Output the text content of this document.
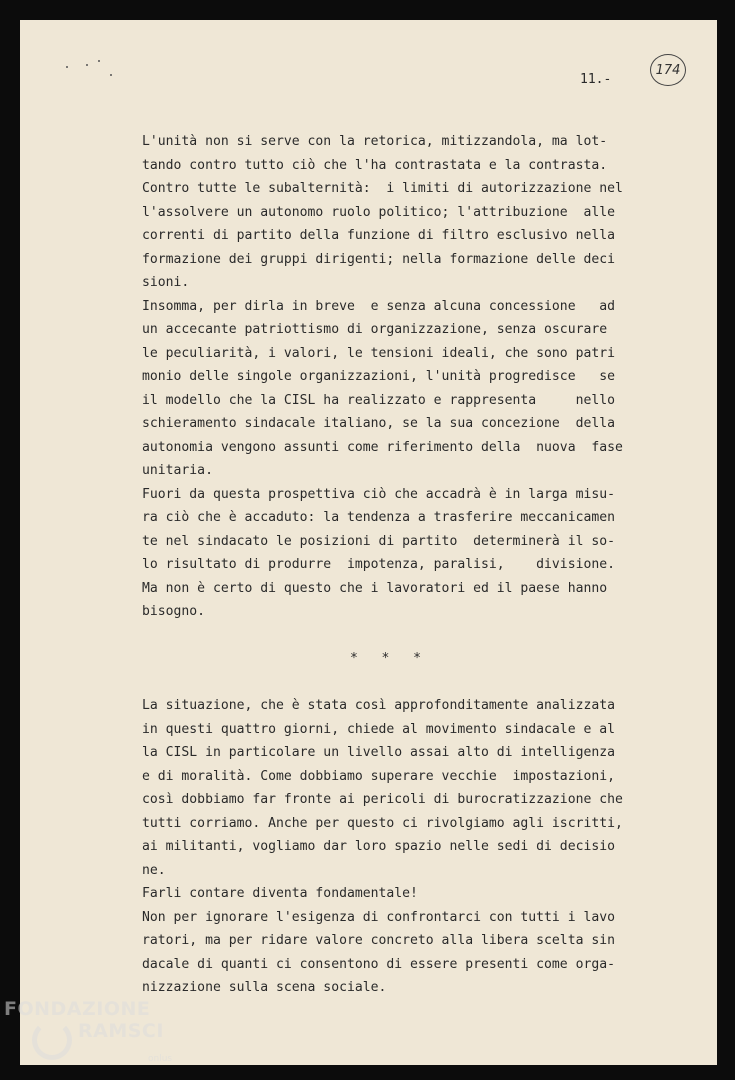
11.-
174
L'unità non si serve con la retorica, mitizzandola, ma lot-
tando contro tutto ciò che l'ha contrastata e la contrasta.
Contro tutte le subalternità:  i limiti di autorizzazione nel
l'assolvere un autonomo ruolo politico; l'attribuzione  alle
correnti di partito della funzione di filtro esclusivo nella
formazione dei gruppi dirigenti; nella formazione delle deci
sioni.
Insomma, per dirla in breve  e senza alcuna concessione   ad
un accecante patriottismo di organizzazione, senza oscurare
le peculiarità, i valori, le tensioni ideali, che sono patri
monio delle singole organizzazioni, l'unità progredisce   se
il modello che la CISL ha realizzato e rappresenta     nello
schieramento sindacale italiano, se la sua concezione  della
autonomia vengono assunti come riferimento della  nuova  fase
unitaria.
Fuori da questa prospettiva ciò che accadrà è in larga misu-
ra ciò che è accaduto: la tendenza a trasferire meccanicamen
te nel sindacato le posizioni di partito  determinerà il so-
lo risultato di produrre  impotenza, paralisi,    divisione.
Ma non è certo di questo che i lavoratori ed il paese hanno
bisogno.
*   *   *
La situazione, che è stata così approfonditamente analizzata
in questi quattro giorni, chiede al movimento sindacale e al
la CISL in particolare un livello assai alto di intelligenza
e di moralità. Come dobbiamo superare vecchie  impostazioni,
così dobbiamo far fronte ai pericoli di burocratizzazione che
tutti corriamo. Anche per questo ci rivolgiamo agli iscritti,
ai militanti, vogliamo dar loro spazio nelle sedi di decisio
ne.
Farli contare diventa fondamentale!
Non per ignorare l'esigenza di confrontarci con tutti i lavo
ratori, ma per ridare valore concreto alla libera scelta sin
dacale di quanti ci consentono di essere presenti come orga-
nizzazione sulla scena sociale.
FONDAZIONE
RAMSCI
onlus
